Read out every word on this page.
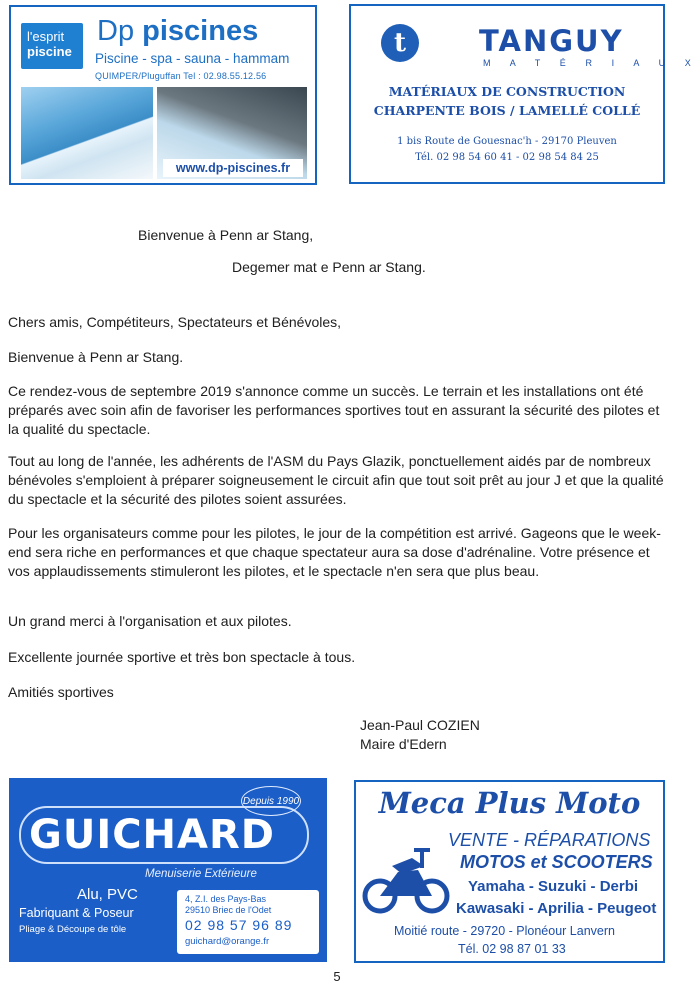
l'esprit
piscine
Dp piscines
Piscine - spa - sauna - hammam
QUIMPER/Pluguffan Tel : 02.98.55.12.56
www.dp-piscines.fr
t	TANGUY
M A T É R I A U X
MATÉRIAUX DE CONSTRUCTION
CHARPENTE BOIS / LAMELLÉ COLLÉ
1 bis Route de Gouesnac'h - 29170 Pleuven
Tél. 02 98 54 60 41 - 02 98 54 84 25
Bienvenue à Penn ar Stang,
Degemer mat e Penn ar Stang.
Chers amis, Compétiteurs, Spectateurs et Bénévoles,
Bienvenue à Penn ar Stang.
Ce rendez-vous de septembre 2019 s'annonce comme un succès. Le terrain et les installations ont été préparés avec soin afin de favoriser les performances sportives tout en assurant la sécurité des pilotes et la qualité du spectacle.
Tout au long de l'année, les adhérents de l'ASM du Pays Glazik, ponctuellement aidés par de nombreux bénévoles s'emploient à préparer soigneusement le circuit afin que tout soit prêt au jour J et que la qualité du spectacle et la sécurité des pilotes soient assurées.
Pour les organisateurs comme pour les pilotes, le jour de la compétition est arrivé. Gageons que le week-end sera riche en performances et que chaque spectateur aura sa dose d'adrénaline. Votre présence et vos applaudissements stimuleront les pilotes, et le spectacle n'en sera que plus beau.
Un grand merci à l'organisation et aux pilotes.
Excellente journée sportive et très bon spectacle à tous.
Amitiés sportives
Jean-Paul COZIEN
Maire d'Edern
GUICHARD
Depuis 1990
Menuiserie Extérieure
Alu, PVC
Fabriquant & Poseur
Pliage & Découpe de tôle
4, Z.I. des Pays-Bas
29510 Briec de l'Odet
02 98 57 96 89
guichard@orange.fr
Meca Plus Moto
VENTE - RÉPARATIONS
MOTOS et SCOOTERS
Yamaha - Suzuki - Derbi
Kawasaki - Aprilia - Peugeot
Moitié route - 29720 - Plonéour Lanvern
Tél. 02 98 87 01 33
5
